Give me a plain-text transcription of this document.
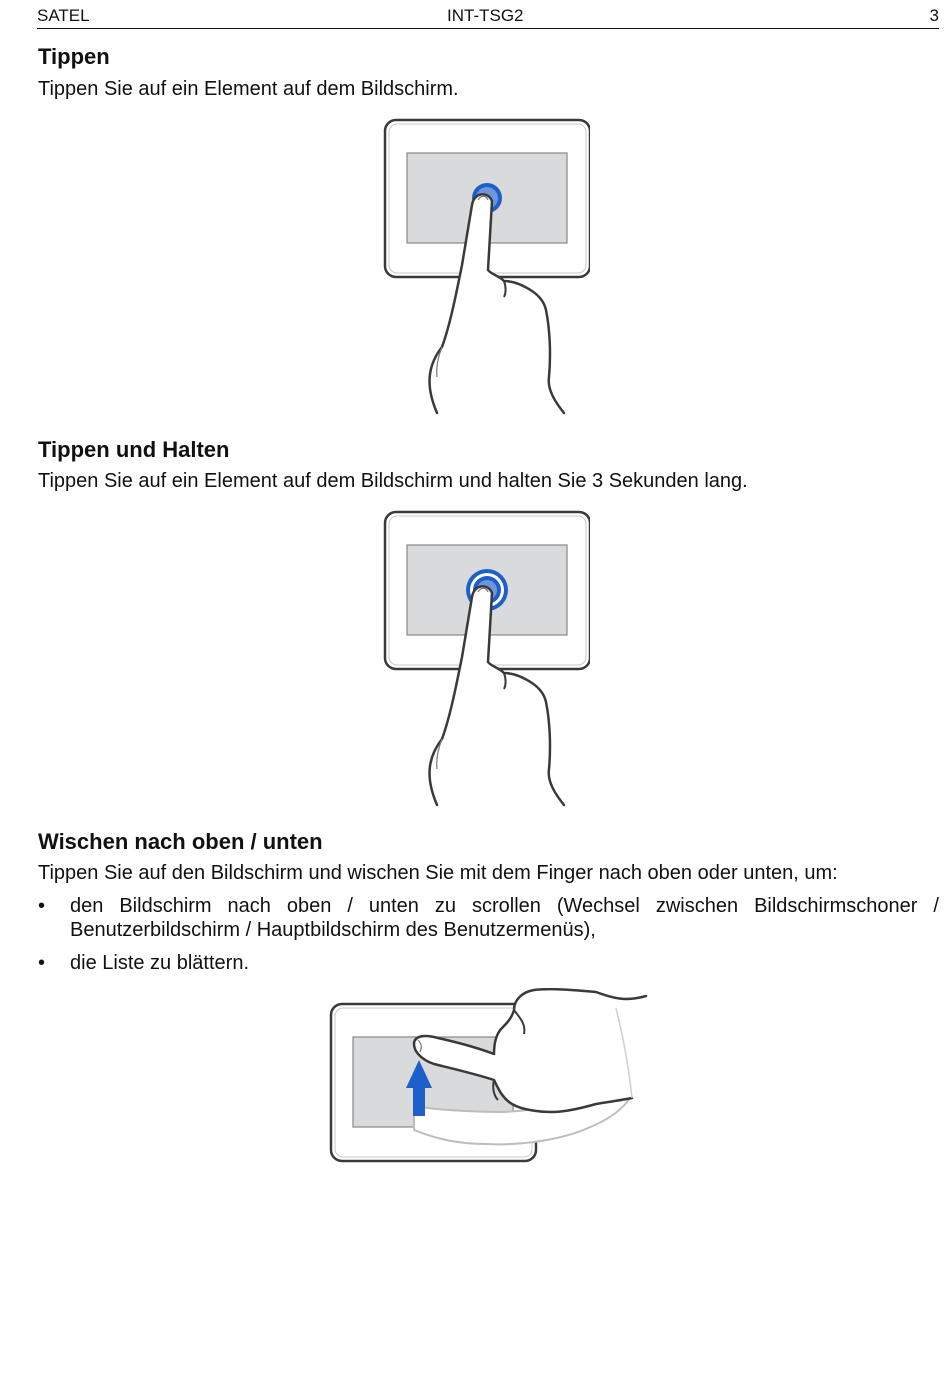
SATEL	INT-TSG2	3
Tippen

Tippen Sie auf ein Element auf dem Bildschirm.

Tippen und Halten

Tippen Sie auf ein Element auf dem Bildschirm und halten Sie 3 Sekunden lang.

Wischen nach oben / unten

Tippen Sie auf den Bildschirm und wischen Sie mit dem Finger nach oben oder unten, um:

• den Bildschirm nach oben / unten zu scrollen (Wechsel zwischen Bildschirmschoner / Benutzerbildschirm / Hauptbildschirm des Benutzermenüs),
• die Liste zu blättern.
